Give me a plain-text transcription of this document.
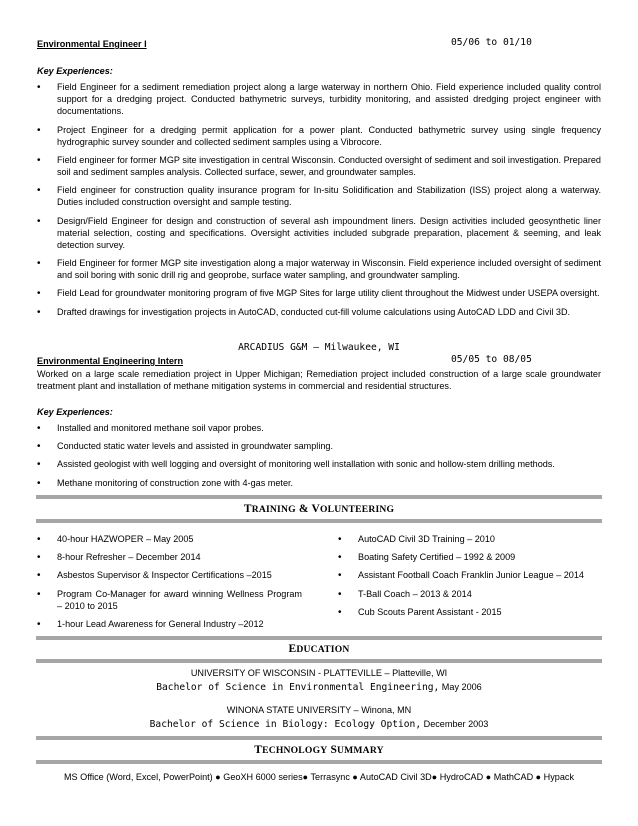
Environmental Engineer I	05/06 to 01/10
Key Experiences:
• Field Engineer for a sediment remediation project along a large waterway in northern Ohio. Field experience included quality control support for a dredging project. Conducted bathymetric surveys, turbidity monitoring, and assisted dredging project engineer with documentations.
• Project Engineer for a dredging permit application for a power plant. Conducted bathymetric survey using single frequency hydrographic survey sounder and collected sediment samples using a Vibrocore.
• Field engineer for former MGP site investigation in central Wisconsin. Conducted oversight of sediment and soil investigation. Prepared soil and sediment samples analysis. Collected surface, sewer, and groundwater samples.
• Field engineer for construction quality insurance program for In-situ Solidification and Stabilization (ISS) project along a waterway. Duties included construction oversight and sample testing.
• Design/Field Engineer for design and construction of several ash impoundment liners. Design activities included geosynthetic liner material selection, costing and specifications. Oversight activities included subgrade preparation, placement & seeming, and leak detection survey.
• Field Engineer for former MGP site investigation along a major waterway in Wisconsin. Field experience included oversight of sediment and soil boring with sonic drill rig and geoprobe, surface water sampling, and groundwater sampling.
• Field Lead for groundwater monitoring program of five MGP Sites for large utility client throughout the Midwest under USEPA oversight.
• Drafted drawings for investigation projects in AutoCAD, conducted cut-fill volume calculations using AutoCAD LDD and Civil 3D.
ARCADIUS G&M – Milwaukee, WI
Environmental Engineering Intern	05/05 to 08/05
Worked on a large scale remediation project in Upper Michigan; Remediation project included construction of a large scale groundwater treatment plant and installation of methane mitigation systems in commercial and residential structures.
Key Experiences:
• Installed and monitored methane soil vapor probes.
• Conducted static water levels and assisted in groundwater sampling.
• Assisted geologist with well logging and oversight of monitoring well installation with sonic and hollow-stem drilling methods.
• Methane monitoring of construction zone with 4-gas meter.
TRAINING & VOLUNTEERING
• 40-hour HAZWOPER – May 2005
• 8-hour Refresher – December 2014
• Asbestos Supervisor & Inspector Certifications –2015
• Program Co-Manager for award winning Wellness Program – 2010 to 2015
• 1-hour Lead Awareness for General Industry –2012
• AutoCAD Civil 3D Training – 2010
• Boating Safety Certified – 1992 & 2009
• Assistant Football Coach Franklin Junior League – 2014
• T-Ball Coach – 2013 & 2014
• Cub Scouts Parent Assistant - 2015
EDUCATION
UNIVERSITY OF WISCONSIN - PLATTEVILLE – Platteville, WI
Bachelor of Science in Environmental Engineering, May 2006
WINONA STATE UNIVERSITY – Winona, MN
Bachelor of Science in Biology: Ecology Option, December 2003
TECHNOLOGY SUMMARY
MS Office (Word, Excel, PowerPoint) ● GeoXH 6000 series● Terrasync ● AutoCAD Civil 3D● HydroCAD ● MathCAD ● Hypack
